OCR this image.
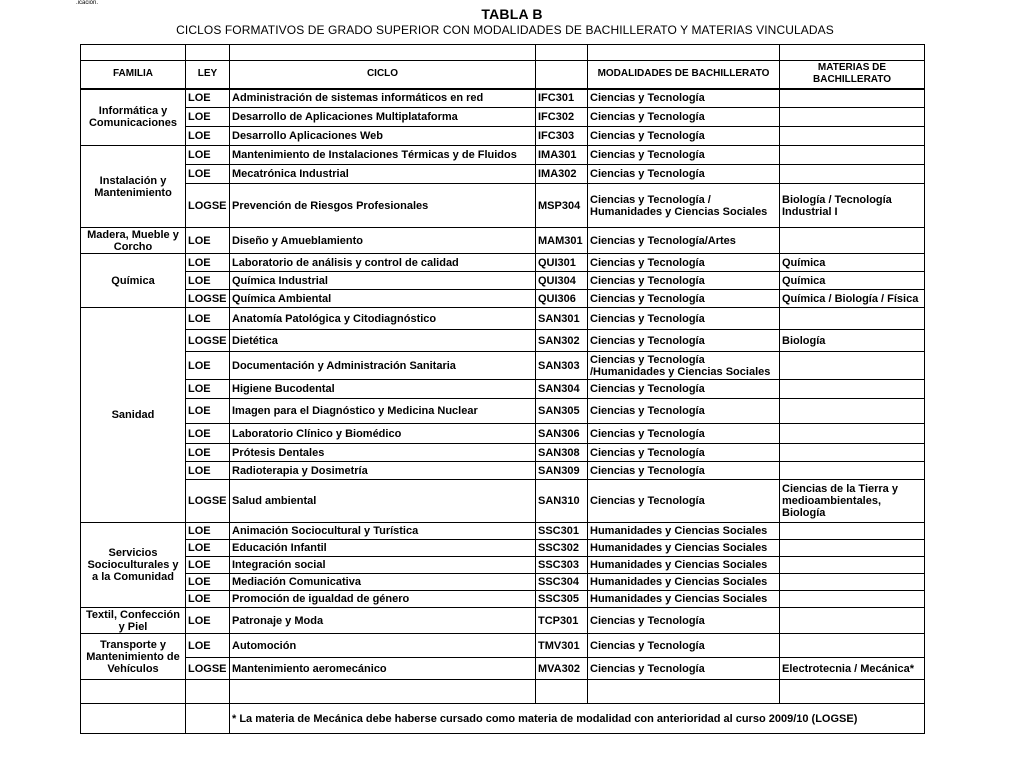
.icación.
TABLA B
CICLOS FORMATIVOS DE GRADO SUPERIOR CON MODALIDADES DE BACHILLERATO Y MATERIAS VINCULADAS

FAMILIA	LEY	CICLO		MODALIDADES DE BACHILLERATO	MATERIAS DE BACHILLERATO
Informática y Comunicaciones	LOE	Administración de sistemas informáticos en red	IFC301	Ciencias y Tecnología	
	LOE	Desarrollo de Aplicaciones Multiplataforma	IFC302	Ciencias y Tecnología	
	LOE	Desarrollo Aplicaciones Web	IFC303	Ciencias y Tecnología	
Instalación y Mantenimiento	LOE	Mantenimiento de Instalaciones Térmicas y de Fluidos	IMA301	Ciencias y Tecnología	
	LOE	Mecatrónica Industrial	IMA302	Ciencias y Tecnología	
	LOGSE	Prevención de Riesgos Profesionales	MSP304	Ciencias y Tecnología / Humanidades y Ciencias Sociales	Biología / Tecnología Industrial I
Madera, Mueble y Corcho	LOE	Diseño y Amueblamiento	MAM301	Ciencias y Tecnología/Artes	
Química	LOE	Laboratorio de análisis y control de calidad	QUI301	Ciencias y Tecnología	Química
	LOE	Química Industrial	QUI304	Ciencias y Tecnología	Química
	LOGSE	Química Ambiental	QUI306	Ciencias y Tecnología	Química / Biología / Física
Sanidad	LOE	Anatomía Patológica y Citodiagnóstico	SAN301	Ciencias y Tecnología	
	LOGSE	Dietética	SAN302	Ciencias y Tecnología	Biología
	LOE	Documentación y Administración Sanitaria	SAN303	Ciencias y Tecnología /Humanidades y Ciencias Sociales	
	LOE	Higiene Bucodental	SAN304	Ciencias y Tecnología	
	LOE	Imagen para el Diagnóstico y Medicina Nuclear	SAN305	Ciencias y Tecnología	
	LOE	Laboratorio Clínico y Biomédico	SAN306	Ciencias y Tecnología	
	LOE	Prótesis Dentales	SAN308	Ciencias y Tecnología	
	LOE	Radioterapia y Dosimetría	SAN309	Ciencias y Tecnología	
	LOGSE	Salud ambiental	SAN310	Ciencias y Tecnología	Ciencias de la Tierra y medioambientales, Biología
Servicios Socioculturales y a la Comunidad	LOE	Animación Sociocultural y Turística	SSC301	Humanidades y Ciencias Sociales	
	LOE	Educación Infantil	SSC302	Humanidades y Ciencias Sociales	
	LOE	Integración social	SSC303	Humanidades y Ciencias Sociales	
	LOE	Mediación Comunicativa	SSC304	Humanidades y Ciencias Sociales	
	LOE	Promoción de igualdad de género	SSC305	Humanidades y Ciencias Sociales	
Textil, Confección y Piel	LOE	Patronaje y Moda	TCP301	Ciencias y Tecnología	
Transporte y Mantenimiento de Vehículos	LOE	Automoción	TMV301	Ciencias y Tecnología	
	LOGSE	Mantenimiento aeromecánico	MVA302	Ciencias y Tecnología	Electrotecnia / Mecánica*

		* La materia de Mecánica debe haberse cursado como materia de modalidad con anterioridad al curso 2009/10 (LOGSE)			
